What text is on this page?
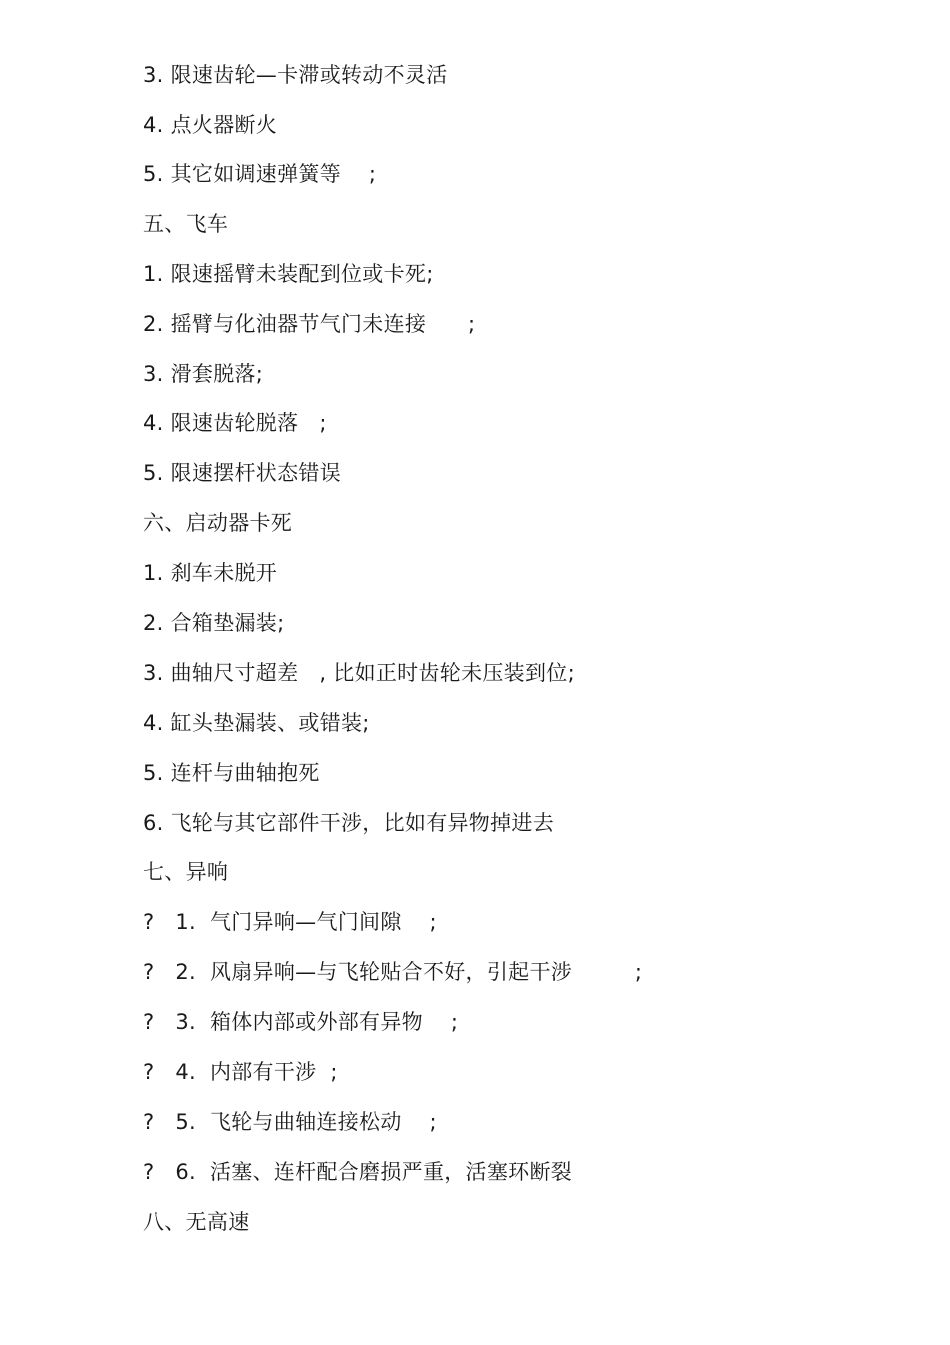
3. 限速齿轮—卡滞或转动不灵活
4. 点火器断火
5. 其它如调速弹簧等    ;
五、飞车
1. 限速摇臂未装配到位或卡死;
2. 摇臂与化油器节气门未连接      ;
3. 滑套脱落;
4. 限速齿轮脱落   ;
5. 限速摆杆状态错误
六、启动器卡死
1. 刹车未脱开
2. 合箱垫漏装;
3. 曲轴尺寸超差   , 比如正时齿轮未压装到位;
4. 缸头垫漏装、或错装;
5. 连杆与曲轴抱死
6. 飞轮与其它部件干涉，比如有异物掉进去
七、异响
?   1.  气门异响—气门间隙    ;
?   2.  风扇异响—与飞轮贴合不好，引起干涉         ;
?   3.  箱体内部或外部有异物    ;
?   4.  内部有干涉  ;
?   5.  飞轮与曲轴连接松动    ;
?   6.  活塞、连杆配合磨损严重，活塞环断裂
八、无高速
